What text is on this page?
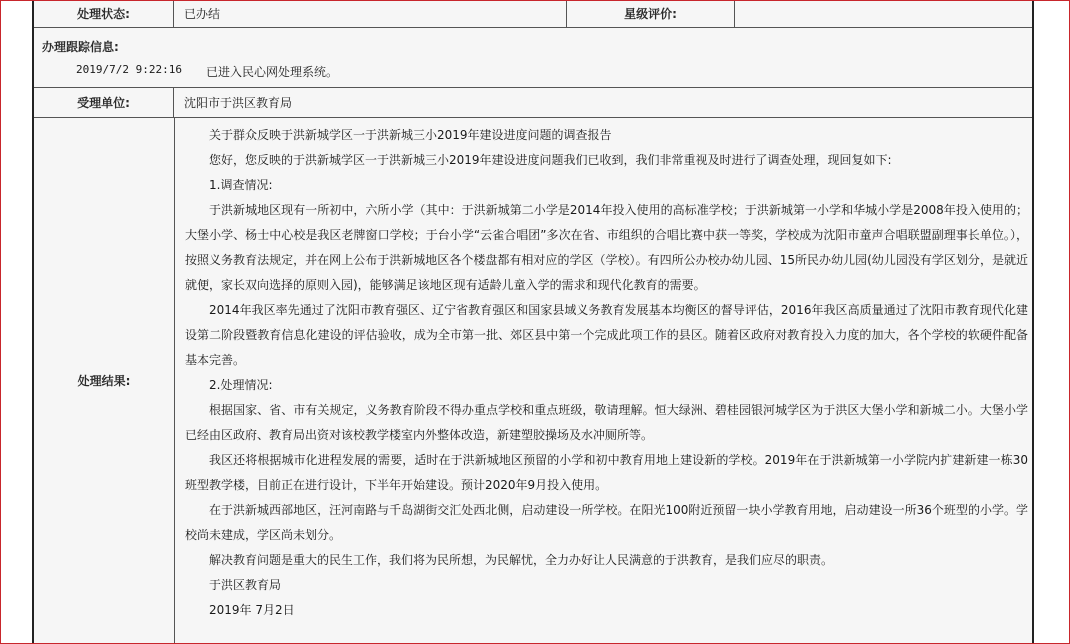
处理状态:	已办结	星级评价:
办理跟踪信息:
2019/7/2 9:22:16	已进入民心网处理系统。
受理单位:	沈阳市于洪区教育局
处理结果:

关于群众反映于洪新城学区一于洪新城三小2019年建设进度问题的调查报告

您好，您反映的于洪新城学区一于洪新城三小2019年建设进度问题我们已收到，我们非常重视及时进行了调查处理，现回复如下:

1.调查情况:

于洪新城地区现有一所初中，六所小学（其中：于洪新城第二小学是2014年投入使用的高标准学校；于洪新城第一小学和华城小学是2008年投入使用的；大堡小学、杨士中心校是我区老牌窗口学校；于台小学“云雀合唱团”多次在省、市组织的合唱比赛中获一等奖，学校成为沈阳市童声合唱联盟副理事长单位。），按照义务教育法规定，并在网上公布于洪新城地区各个楼盘都有相对应的学区（学校）。有四所公办校办幼儿园、15所民办幼儿园(幼儿园没有学区划分，是就近就便，家长双向选择的原则入园)，能够满足该地区现有适龄儿童入学的需求和现代化教育的需要。

2014年我区率先通过了沈阳市教育强区、辽宁省教育强区和国家县域义务教育发展基本均衡区的督导评估，2016年我区高质量通过了沈阳市教育现代化建设第二阶段暨教育信息化建设的评估验收，成为全市第一批、郊区县中第一个完成此项工作的县区。随着区政府对教育投入力度的加大，各个学校的软硬件配备基本完善。

2.处理情况:

根据国家、省、市有关规定，义务教育阶段不得办重点学校和重点班级，敬请理解。恒大绿洲、碧桂园银河城学区为于洪区大堡小学和新城二小。大堡小学已经由区政府、教育局出资对该校教学楼室内外整体改造，新建塑胶操场及水冲厕所等。

我区还将根据城市化进程发展的需要，适时在于洪新城地区预留的小学和初中教育用地上建设新的学校。2019年在于洪新城第一小学院内扩建新建一栋30班型教学楼，目前正在进行设计，下半年开始建设。预计2020年9月投入使用。

在于洪新城西部地区，汪河南路与千岛湖街交汇处西北侧，启动建设一所学校。在阳光100附近预留一块小学教育用地，启动建设一所36个班型的小学。学校尚未建成，学区尚未划分。

解决教育问题是重大的民生工作，我们将为民所想，为民解忧，全力办好让人民满意的于洪教育，是我们应尽的职责。

于洪区教育局

2019年 7月2日
